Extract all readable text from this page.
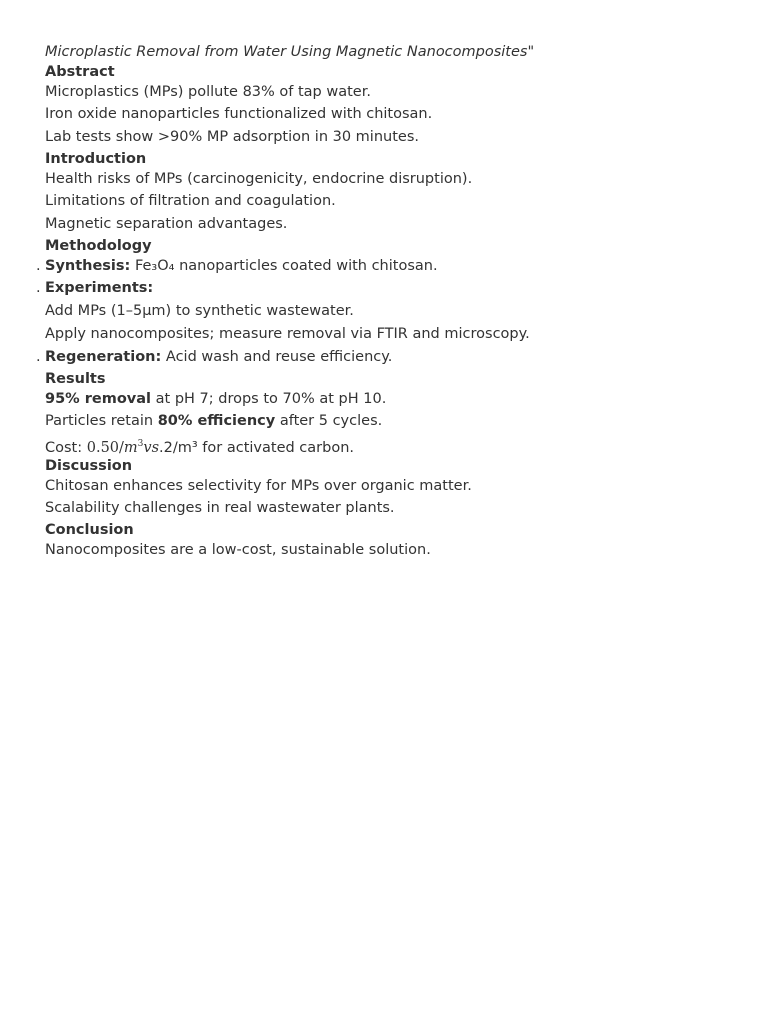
Microplastic Removal from Water Using Magnetic Nanocomposites"
Abstract
Microplastics (MPs) pollute 83% of tap water.
Iron oxide nanoparticles functionalized with chitosan.
Lab tests show >90% MP adsorption in 30 minutes.
Introduction
Health risks of MPs (carcinogenicity, endocrine disruption).
Limitations of filtration and coagulation.
Magnetic separation advantages.
Methodology
. Synthesis: Fe₃O₄ nanoparticles coated with chitosan.
. Experiments:
Add MPs (1–5μm) to synthetic wastewater.
Apply nanocomposites; measure removal via FTIR and microscopy.
. Regeneration: Acid wash and reuse efficiency.
Results
95% removal at pH 7; drops to 70% at pH 10.
Particles retain 80% efficiency after 5 cycles.
Cost: $0.50/m^3vs.2/m^3$ for activated carbon.
Discussion
Chitosan enhances selectivity for MPs over organic matter.
Scalability challenges in real wastewater plants.
Conclusion
Nanocomposites are a low-cost, sustainable solution.
